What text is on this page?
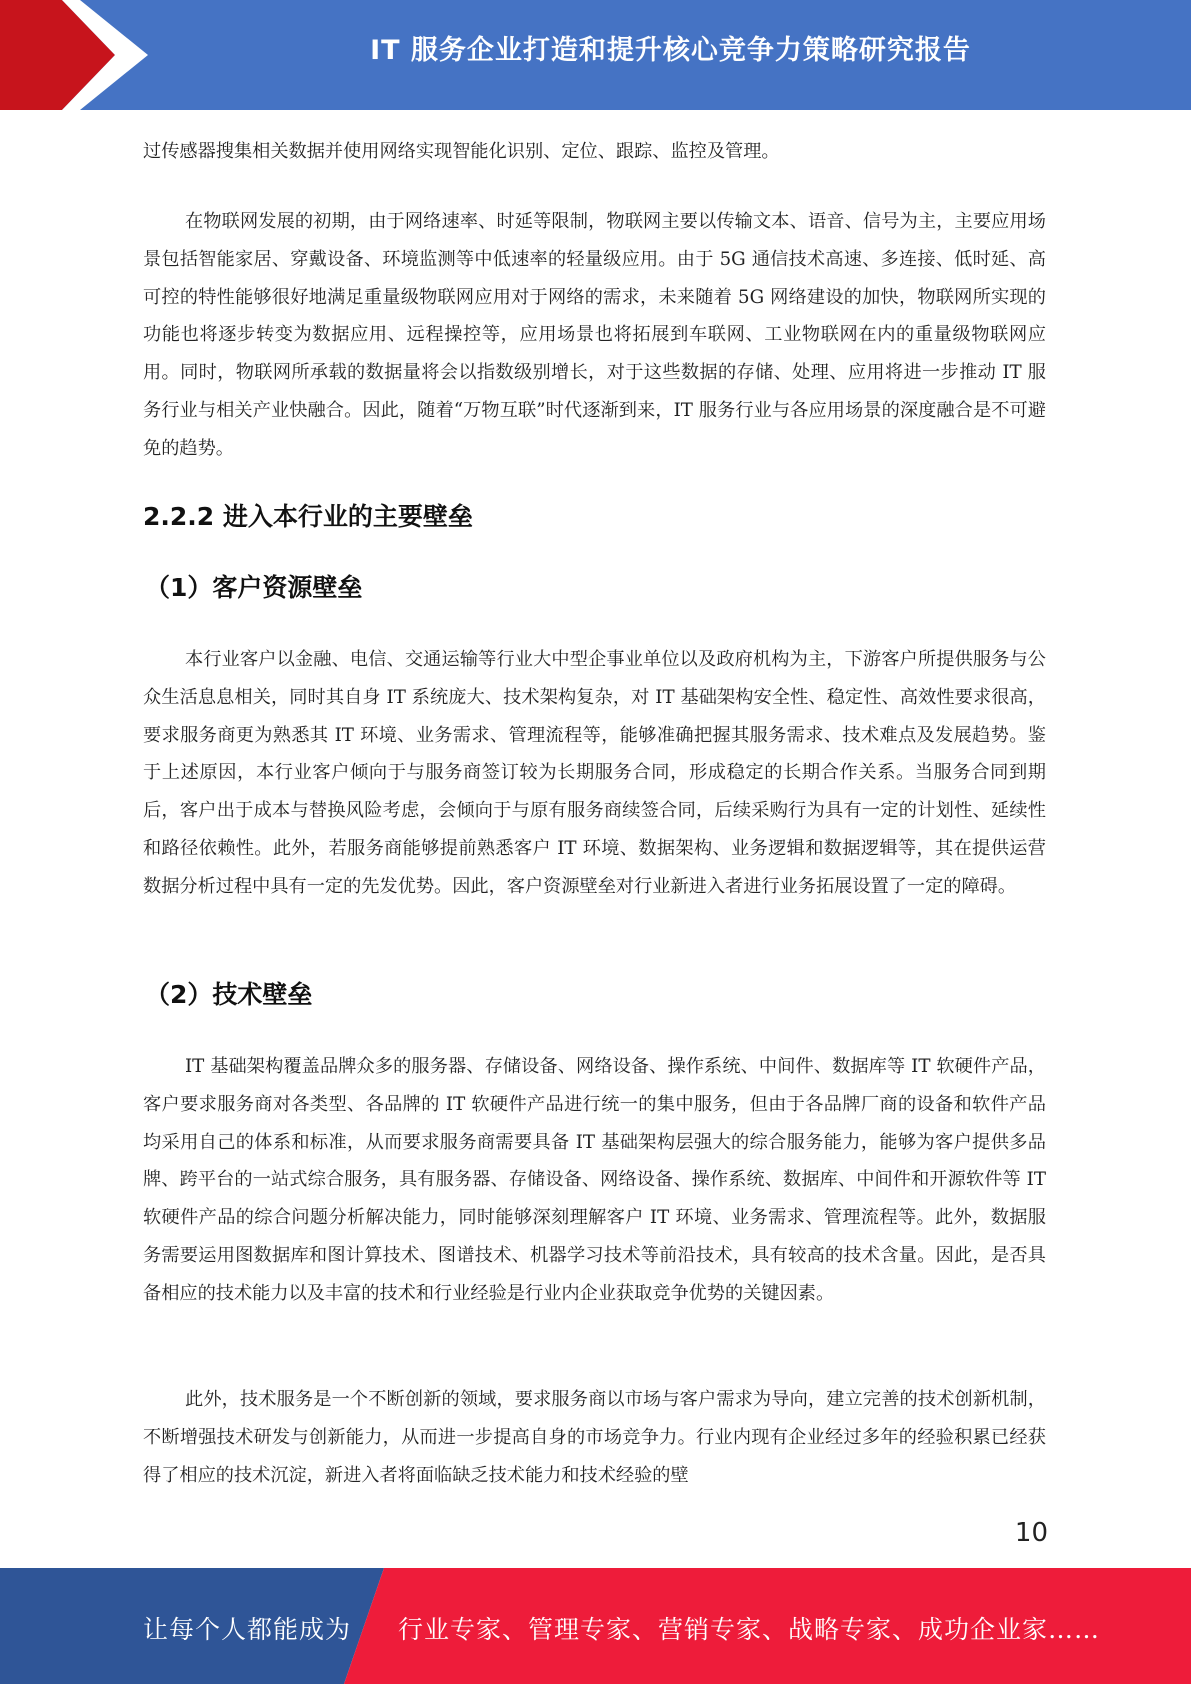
IT 服务企业打造和提升核心竞争力策略研究报告

过传感器搜集相关数据并使用网络实现智能化识别、定位、跟踪、监控及管理。

在物联网发展的初期，由于网络速率、时延等限制，物联网主要以传输文本、语音、信号为主，主要应用场景包括智能家居、穿戴设备、环境监测等中低速率的轻量级应用。由于 5G 通信技术高速、多连接、低时延、高可控的特性能够很好地满足重量级物联网应用对于网络的需求，未来随着 5G 网络建设的加快，物联网所实现的功能也将逐步转变为数据应用、远程操控等，应用场景也将拓展到车联网、工业物联网在内的重量级物联网应用。同时，物联网所承载的数据量将会以指数级别增长，对于这些数据的存储、处理、应用将进一步推动 IT 服务行业与相关产业快融合。因此，随着“万物互联”时代逐渐到来，IT 服务行业与各应用场景的深度融合是不可避免的趋势。

2.2.2 进入本行业的主要壁垒
（1）客户资源壁垒

本行业客户以金融、电信、交通运输等行业大中型企事业单位以及政府机构为主，下游客户所提供服务与公众生活息息相关，同时其自身 IT 系统庞大、技术架构复杂，对 IT 基础架构安全性、稳定性、高效性要求很高，要求服务商更为熟悉其 IT 环境、业务需求、管理流程等，能够准确把握其服务需求、技术难点及发展趋势。鉴于上述原因，本行业客户倾向于与服务商签订较为长期服务合同，形成稳定的长期合作关系。当服务合同到期后，客户出于成本与替换风险考虑，会倾向于与原有服务商续签合同，后续采购行为具有一定的计划性、延续性和路径依赖性。此外，若服务商能够提前熟悉客户 IT 环境、数据架构、业务逻辑和数据逻辑等，其在提供运营数据分析过程中具有一定的先发优势。因此，客户资源壁垒对行业新进入者进行业务拓展设置了一定的障碍。

（2）技术壁垒

IT 基础架构覆盖品牌众多的服务器、存储设备、网络设备、操作系统、中间件、数据库等 IT 软硬件产品，客户要求服务商对各类型、各品牌的 IT 软硬件产品进行统一的集中服务，但由于各品牌厂商的设备和软件产品均采用自己的体系和标准，从而要求服务商需要具备 IT 基础架构层强大的综合服务能力，能够为客户提供多品牌、跨平台的一站式综合服务，具有服务器、存储设备、网络设备、操作系统、数据库、中间件和开源软件等 IT 软硬件产品的综合问题分析解决能力，同时能够深刻理解客户 IT 环境、业务需求、管理流程等。此外，数据服务需要运用图数据库和图计算技术、图谱技术、机器学习技术等前沿技术，具有较高的技术含量。因此，是否具备相应的技术能力以及丰富的技术和行业经验是行业内企业获取竞争优势的关键因素。

此外，技术服务是一个不断创新的领域，要求服务商以市场与客户需求为导向，建立完善的技术创新机制，不断增强技术研发与创新能力，从而进一步提高自身的市场竞争力。行业内现有企业经过多年的经验积累已经获得了相应的技术沉淀，新进入者将面临缺乏技术能力和技术经验的壁

10
让每个人都能成为 行业专家、管理专家、营销专家、战略专家、成功企业家……
